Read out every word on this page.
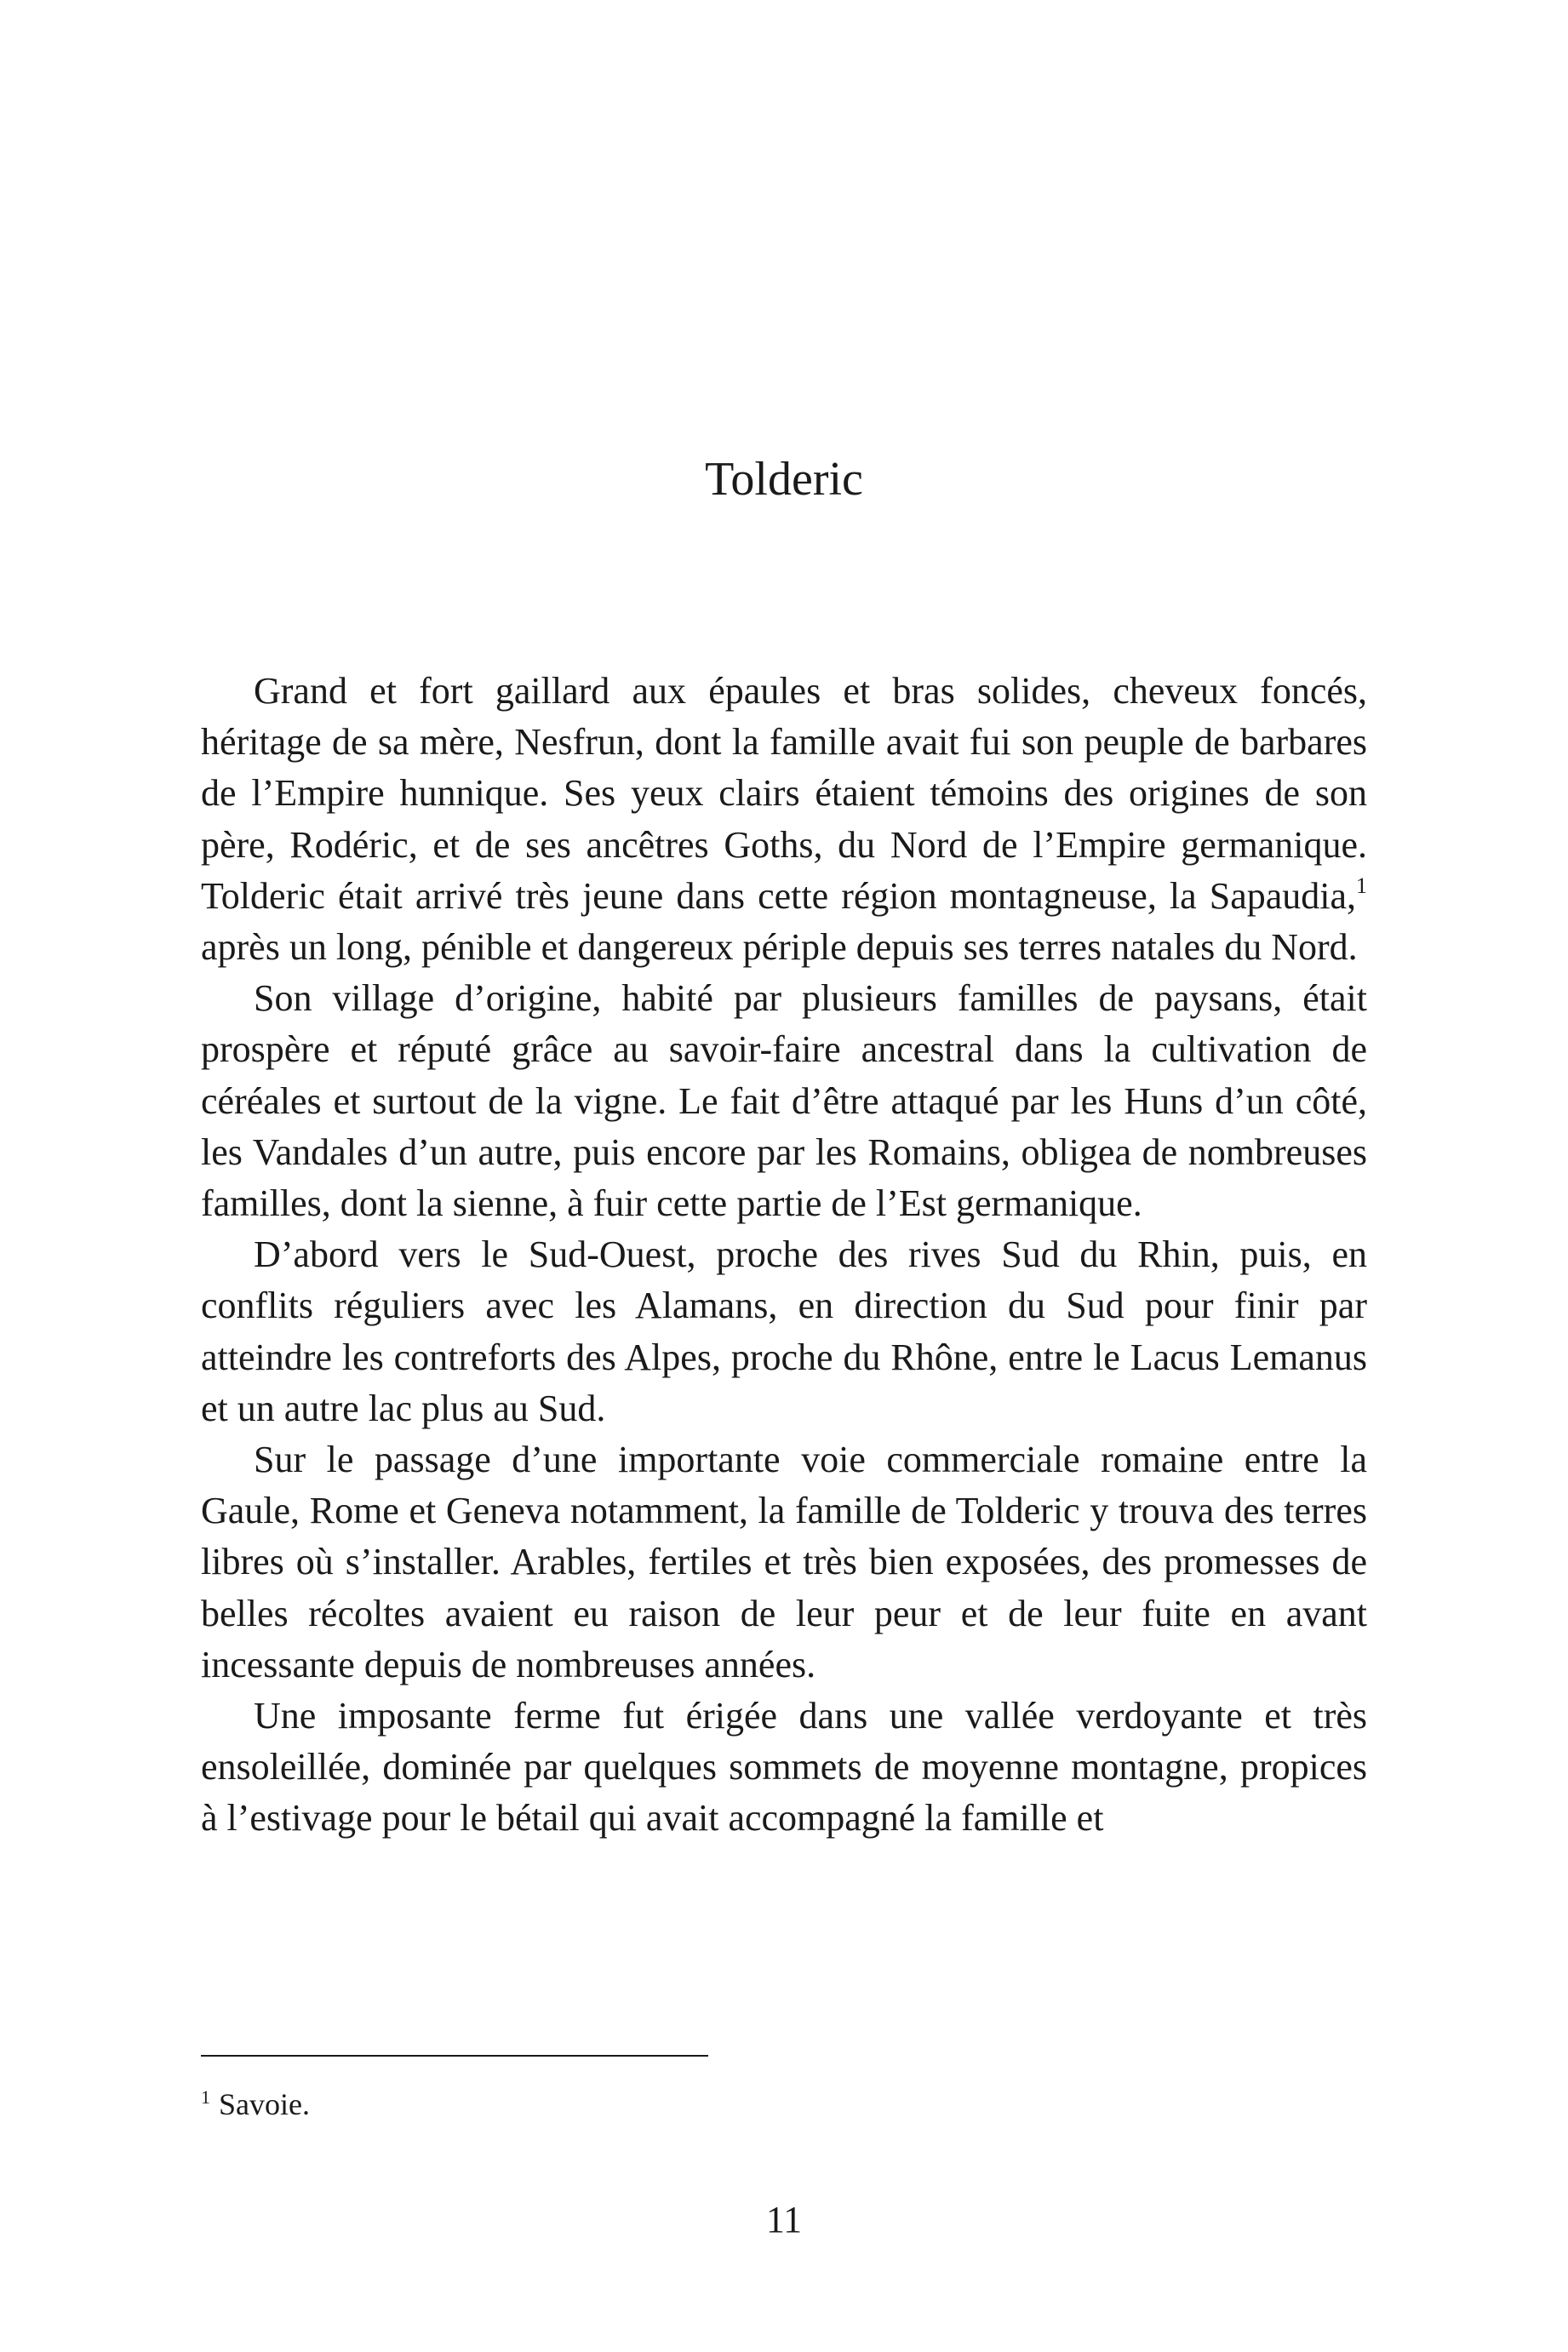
Tolderic

Grand et fort gaillard aux épaules et bras solides, cheveux foncés, héritage de sa mère, Nesfrun, dont la famille avait fui son peuple de barbares de l’Empire hunnique. Ses yeux clairs étaient témoins des origines de son père, Rodéric, et de ses ancêtres Goths, du Nord de l’Empire germanique. Tolderic était arrivé très jeune dans cette région montagneuse, la Sapaudia,$^1$ après un long, pénible et dangereux périple depuis ses terres natales du Nord.

Son village d’origine, habité par plusieurs familles de paysans, était prospère et réputé grâce au savoir-faire ancestral dans la cultivation de céréales et surtout de la vigne. Le fait d’être attaqué par les Huns d’un côté, les Vandales d’un autre, puis encore par les Romains, obligea de nombreuses familles, dont la sienne, à fuir cette partie de l’Est germanique.

D’abord vers le Sud-Ouest, proche des rives Sud du Rhin, puis, en conflits réguliers avec les Alamans, en direction du Sud pour finir par atteindre les contreforts des Alpes, proche du Rhône, entre le Lacus Lemanus et un autre lac plus au Sud.

Sur le passage d’une importante voie commerciale romaine entre la Gaule, Rome et Geneva notamment, la famille de Tolderic y trouva des terres libres où s’installer. Arables, fertiles et très bien exposées, des promesses de belles récoltes avaient eu raison de leur peur et de leur fuite en avant incessante depuis de nombreuses années.

Une imposante ferme fut érigée dans une vallée verdoyante et très ensoleillée, dominée par quelques sommets de moyenne montagne, propices à l’estivage pour le bétail qui avait accompagné la famille et

$^1$ Savoie.

11
